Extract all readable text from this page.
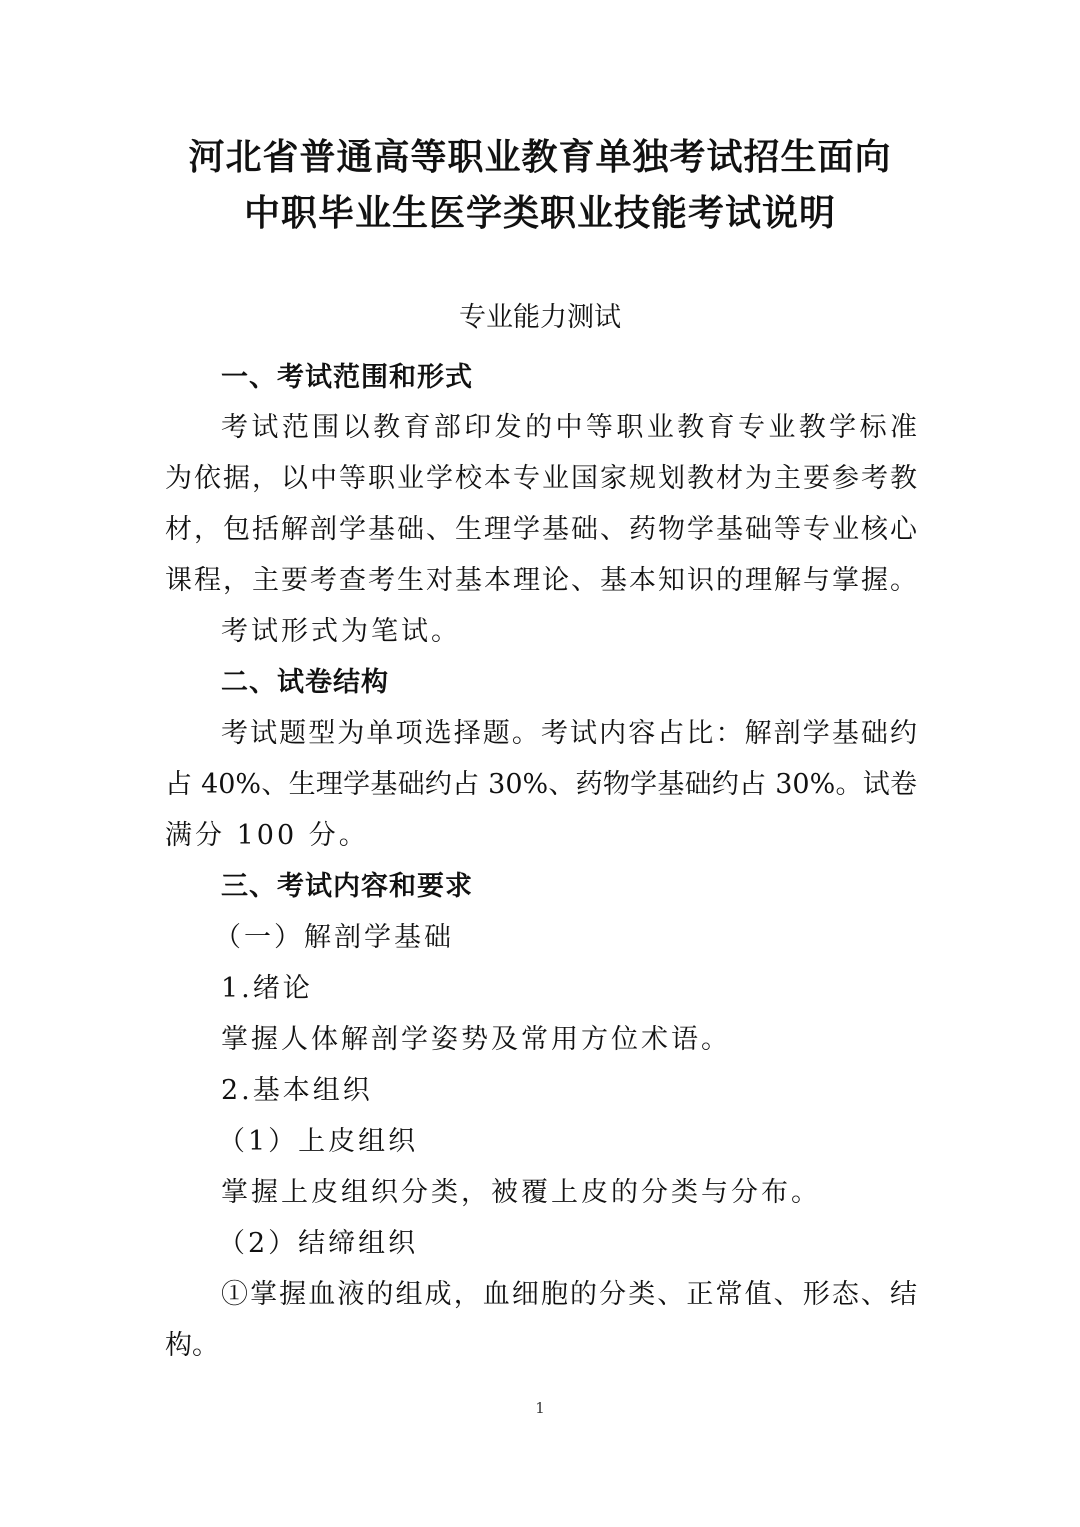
河北省普通高等职业教育单独考试招生面向
中职毕业生医学类职业技能考试说明
专业能力测试
一、考试范围和形式
考试范围以教育部印发的中等职业教育专业教学标准
为依据，以中等职业学校本专业国家规划教材为主要参考教
材，包括解剖学基础、生理学基础、药物学基础等专业核心
课程，主要考查考生对基本理论、基本知识的理解与掌握。
考试形式为笔试。
二、试卷结构
考试题型为单项选择题。考试内容占比：解剖学基础约
占 40%、生理学基础约占 30%、药物学基础约占 30%。试卷
满分 100 分。
三、考试内容和要求
（一）解剖学基础
1.绪论
掌握人体解剖学姿势及常用方位术语。
2.基本组织
（1）上皮组织
掌握上皮组织分类，被覆上皮的分类与分布。
（2）结缔组织
①掌握血液的组成，血细胞的分类、正常值、形态、结
构。
1
